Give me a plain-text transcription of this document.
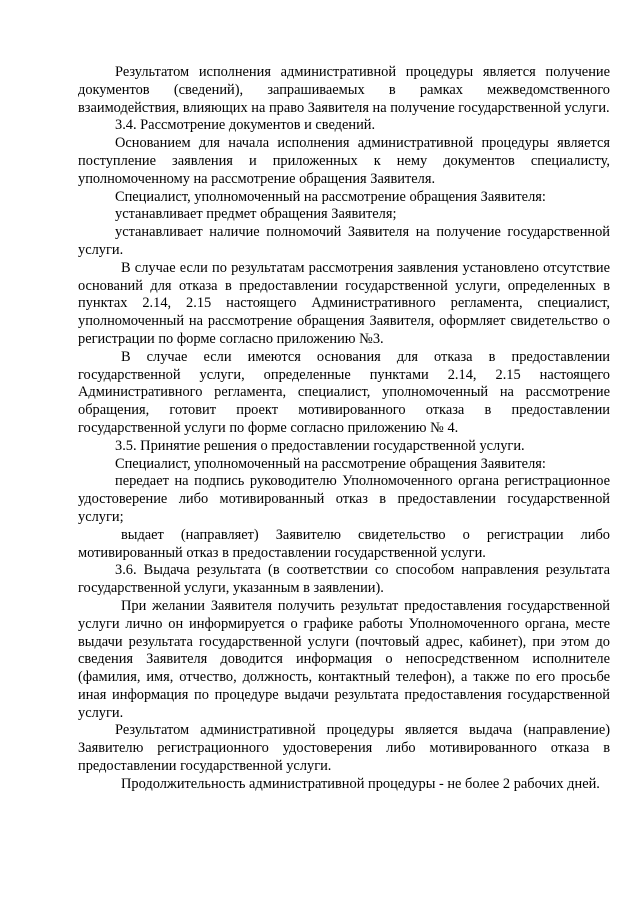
Результатом исполнения административной процедуры является получение документов (сведений), запрашиваемых в рамках межведомственного взаимодействия, влияющих на право Заявителя на получение государственной услуги.

3.4. Рассмотрение документов и сведений.

Основанием для начала исполнения административной процедуры является поступление заявления и приложенных к нему документов специалисту, уполномоченному на рассмотрение обращения Заявителя.

Специалист, уполномоченный на рассмотрение обращения Заявителя:

устанавливает предмет обращения Заявителя;

устанавливает наличие полномочий Заявителя на получение государственной услуги.

В случае если по результатам рассмотрения заявления установлено отсутствие оснований для отказа в предоставлении государственной услуги, определенных в пунктах 2.14, 2.15 настоящего Административного регламента, специалист, уполномоченный на рассмотрение обращения Заявителя, оформляет свидетельство о регистрации по форме согласно приложению №3.

В случае если имеются основания для отказа в предоставлении государственной услуги, определенные пунктами 2.14, 2.15 настоящего Административного регламента, специалист, уполномоченный на рассмотрение обращения, готовит проект мотивированного отказа в предоставлении государственной услуги по форме согласно приложению № 4.

3.5. Принятие решения о предоставлении государственной услуги.

Специалист, уполномоченный на рассмотрение обращения Заявителя:

передает на подпись руководителю Уполномоченного органа регистрационное удостоверение либо мотивированный отказ в предоставлении государственной услуги;

выдает (направляет) Заявителю свидетельство о регистрации либо мотивированный отказ в предоставлении государственной услуги.

3.6. Выдача результата (в соответствии со способом направления результата государственной услуги, указанным в заявлении).

При желании Заявителя получить результат предоставления государственной услуги лично он информируется о графике работы Уполномоченного органа, месте выдачи результата государственной услуги (почтовый адрес, кабинет), при этом до сведения Заявителя доводится информация о непосредственном исполнителе (фамилия, имя, отчество, должность, контактный телефон), а также по его просьбе иная информация по процедуре выдачи результата предоставления государственной услуги.

Результатом административной процедуры является выдача (направление) Заявителю регистрационного удостоверения либо мотивированного отказа в предоставлении государственной услуги.

Продолжительность административной процедуры - не более 2 рабочих дней.
